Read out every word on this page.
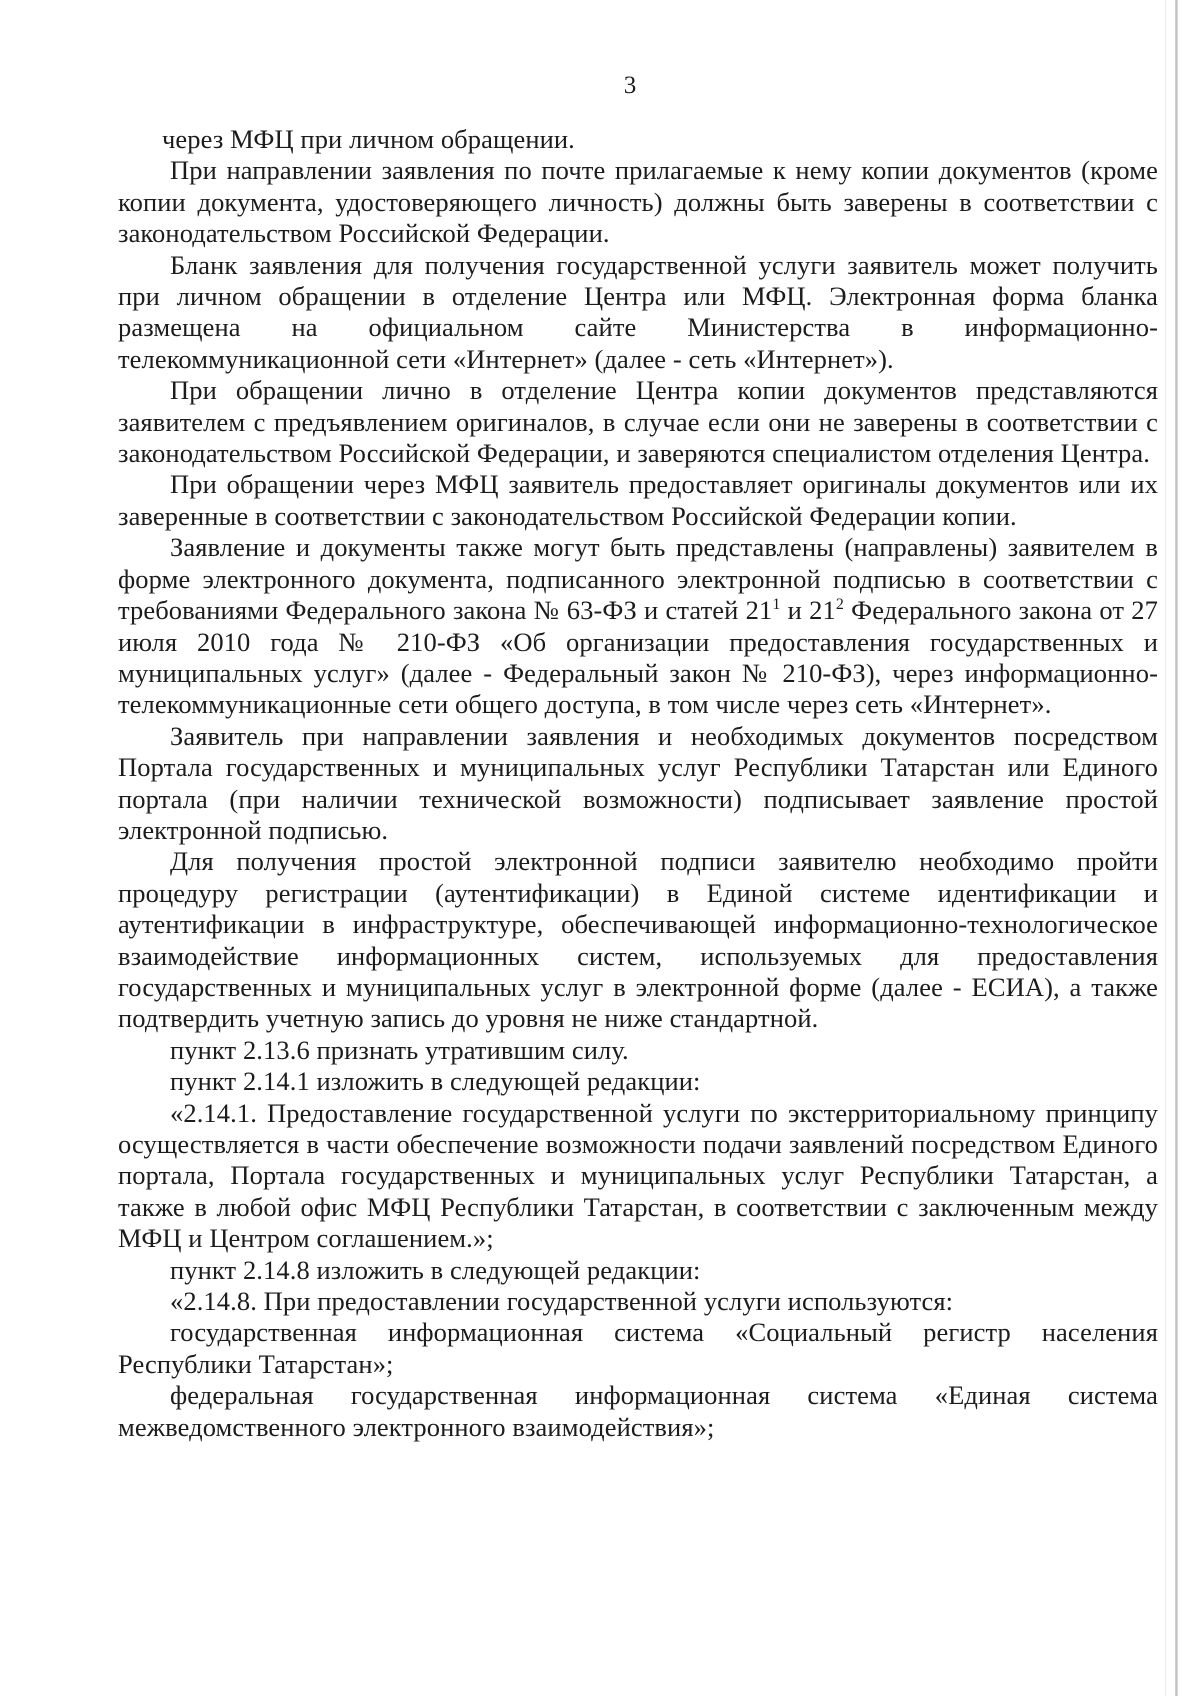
3

через МФЦ при личном обращении.

При направлении заявления по почте прилагаемые к нему копии документов (кроме копии документа, удостоверяющего личность) должны быть заверены в соответствии с законодательством Российской Федерации.

Бланк заявления для получения государственной услуги заявитель может получить при личном обращении в отделение Центра или МФЦ. Электронная форма бланка размещена на официальном сайте Министерства в информационно-телекоммуникационной сети «Интернет» (далее - сеть «Интернет»).

При обращении лично в отделение Центра копии документов представляются заявителем с предъявлением оригиналов, в случае если они не заверены в соответствии с законодательством Российской Федерации, и заверяются специалистом отделения Центра.

При обращении через МФЦ заявитель предоставляет оригиналы документов или их заверенные в соответствии с законодательством Российской Федерации копии.

Заявление и документы также могут быть представлены (направлены) заявителем в форме электронного документа, подписанного электронной подписью в соответствии с требованиями Федерального закона № 63-ФЗ и статей $21^1$ и $21^2$ Федерального закона от 27 июля 2010 года № 210-ФЗ «Об организации предоставления государственных и муниципальных услуг» (далее - Федеральный закон № 210-ФЗ), через информационно-телекоммуникационные сети общего доступа, в том числе через сеть «Интернет».

Заявитель при направлении заявления и необходимых документов посредством Портала государственных и муниципальных услуг Республики Татарстан или Единого портала (при наличии технической возможности) подписывает заявление простой электронной подписью.

Для получения простой электронной подписи заявителю необходимо пройти процедуру регистрации (аутентификации) в Единой системе идентификации и аутентификации в инфраструктуре, обеспечивающей информационно-технологическое взаимодействие информационных систем, используемых для предоставления государственных и муниципальных услуг в электронной форме (далее - ЕСИА), а также подтвердить учетную запись до уровня не ниже стандартной.

пункт 2.13.6 признать утратившим силу.

пункт 2.14.1 изложить в следующей редакции:

«2.14.1. Предоставление государственной услуги по экстерриториальному принципу осуществляется в части обеспечение возможности подачи заявлений посредством Единого портала, Портала государственных и муниципальных услуг Республики Татарстан, а также в любой офис МФЦ Республики Татарстан, в соответствии с заключенным между МФЦ и Центром соглашением.»;

пункт 2.14.8 изложить в следующей редакции:

«2.14.8. При предоставлении государственной услуги используются:

государственная информационная система «Социальный регистр населения Республики Татарстан»;

федеральная государственная информационная система «Единая система межведомственного электронного взаимодействия»;
